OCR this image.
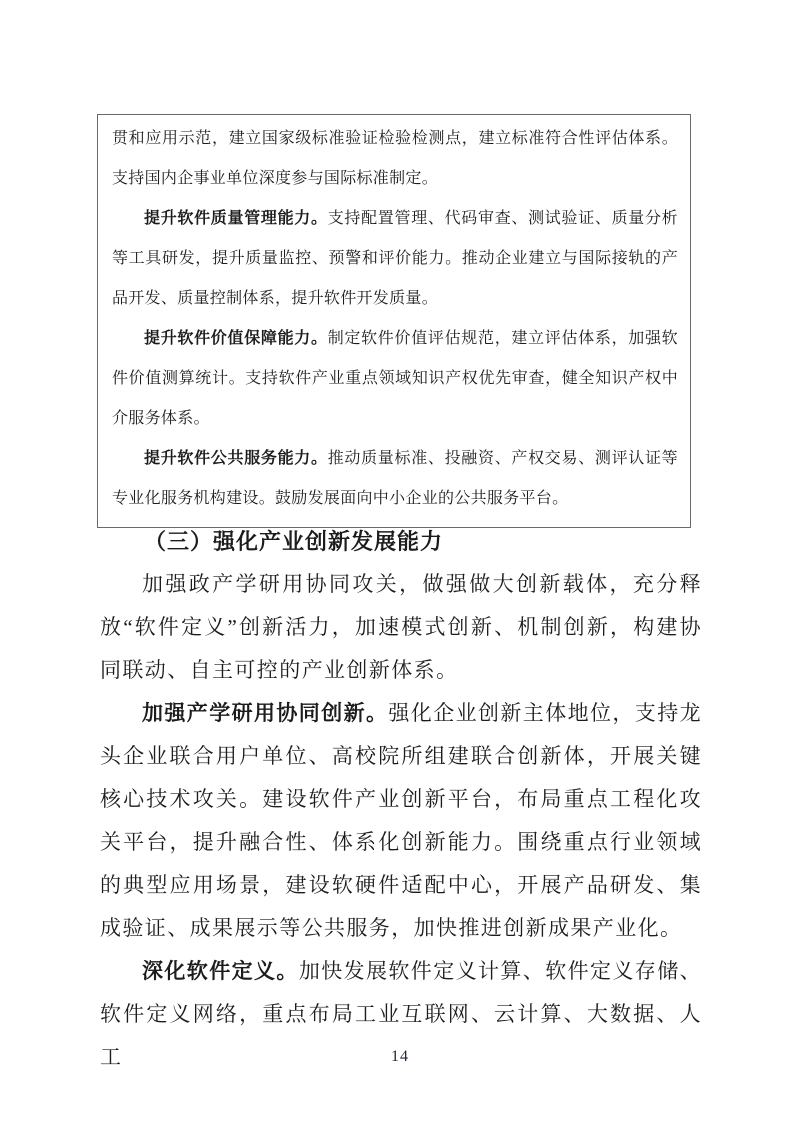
贯和应用示范，建立国家级标准验证检验检测点，建立标准符合性评估体系。支持国内企事业单位深度参与国际标准制定。

提升软件质量管理能力。支持配置管理、代码审查、测试验证、质量分析等工具研发，提升质量监控、预警和评价能力。推动企业建立与国际接轨的产品开发、质量控制体系，提升软件开发质量。

提升软件价值保障能力。制定软件价值评估规范，建立评估体系，加强软件价值测算统计。支持软件产业重点领域知识产权优先审查，健全知识产权中介服务体系。

提升软件公共服务能力。推动质量标准、投融资、产权交易、测评认证等专业化服务机构建设。鼓励发展面向中小企业的公共服务平台。

（三）强化产业创新发展能力

加强政产学研用协同攻关，做强做大创新载体，充分释放“软件定义”创新活力，加速模式创新、机制创新，构建协同联动、自主可控的产业创新体系。

加强产学研用协同创新。强化企业创新主体地位，支持龙头企业联合用户单位、高校院所组建联合创新体，开展关键核心技术攻关。建设软件产业创新平台，布局重点工程化攻关平台，提升融合性、体系化创新能力。围绕重点行业领域的典型应用场景，建设软硬件适配中心，开展产品研发、集成验证、成果展示等公共服务，加快推进创新成果产业化。

深化软件定义。加快发展软件定义计算、软件定义存储、软件定义网络，重点布局工业互联网、云计算、大数据、人工	14
